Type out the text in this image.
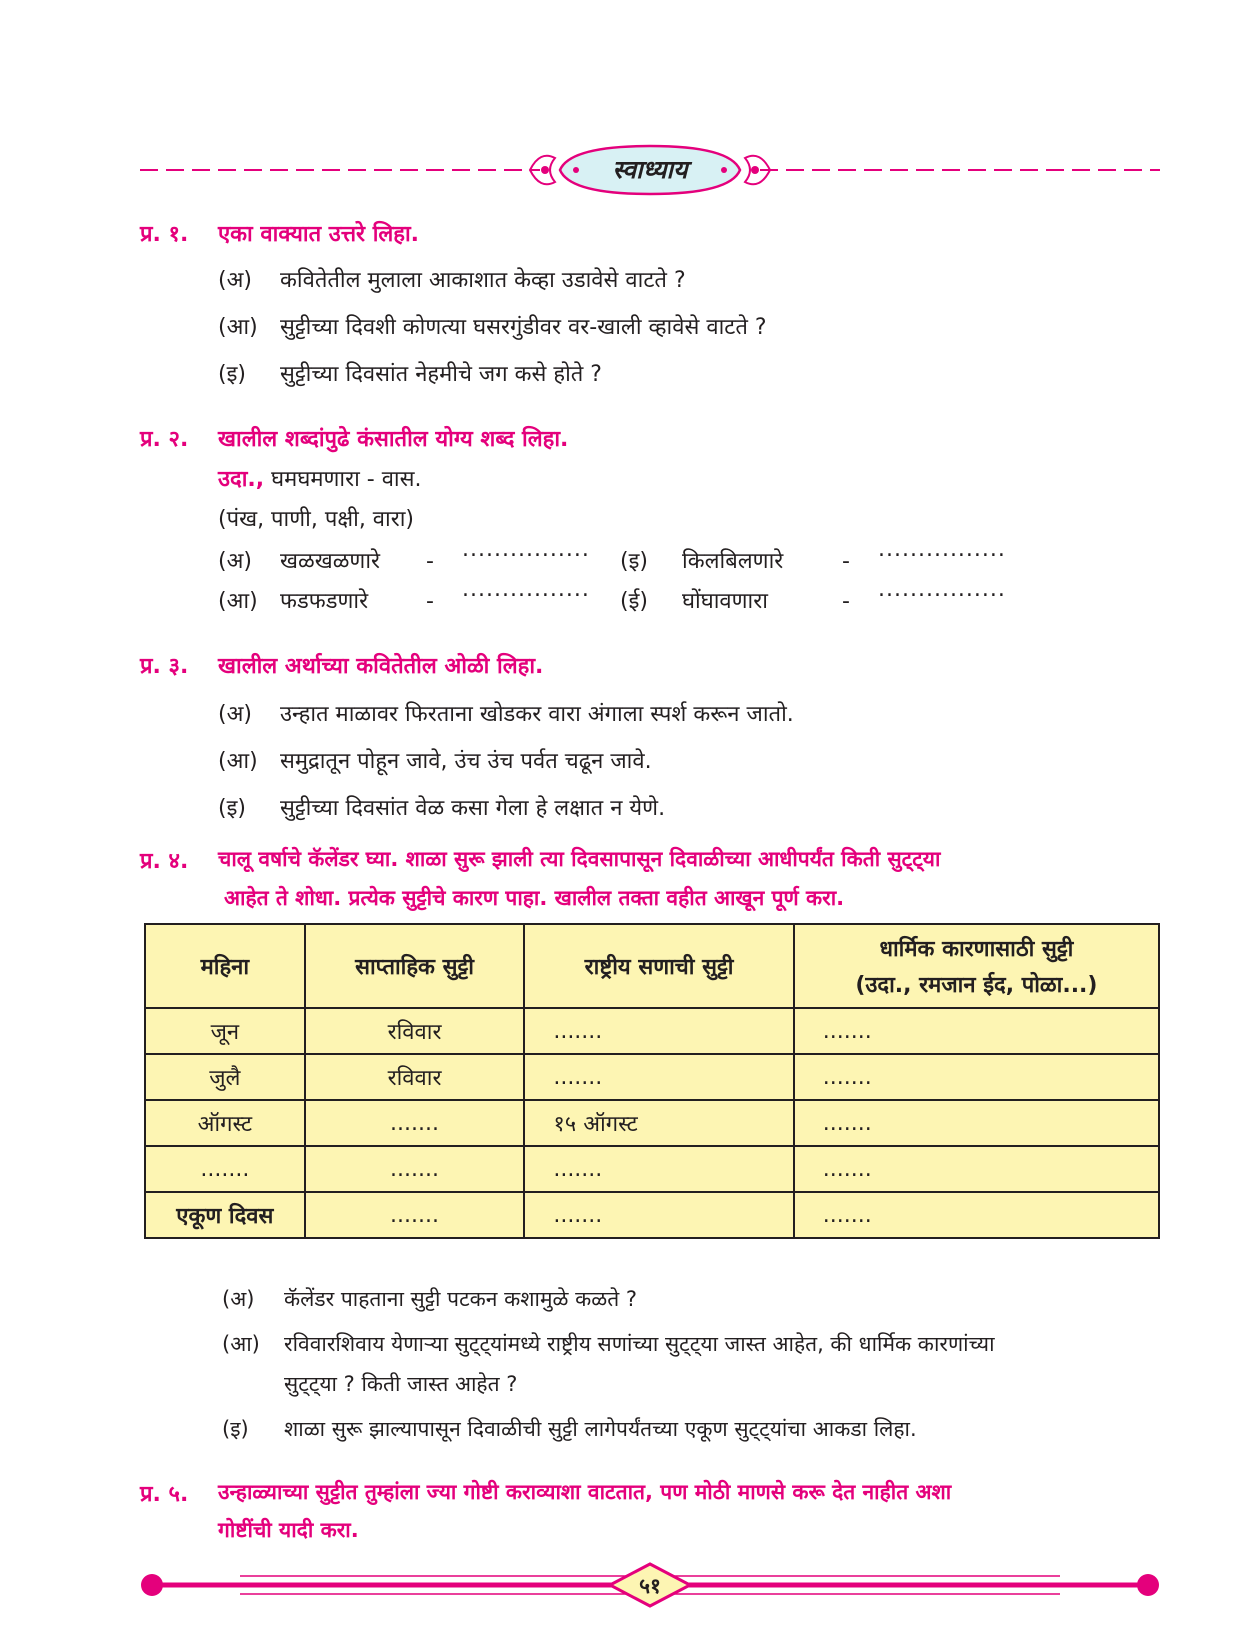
स्वाध्याय
प्र. १. एका वाक्यात उत्तरे लिहा.
(अ) कवितेतील मुलाला आकाशात केव्हा उडावेसे वाटते ?
(आ) सुट्टीच्या दिवशी कोणत्या घसरगुंडीवर वर-खाली व्हावेसे वाटते ?
(इ) सुट्टीच्या दिवसांत नेहमीचे जग कसे होते ?
प्र. २. खालील शब्दांपुढे कंसातील योग्य शब्द लिहा.
उदा., घमघमणारा - वास.
(पंख, पाणी, पक्षी, वारा)
(अ) खळखळणारे - ................
(आ) फडफडणारे	- ................
(इ) किलबिलणारे	- ................
(ई) घोंघावणारा	- ................
प्र. ३. खालील अर्थाच्या कवितेतील ओळी लिहा.
(अ) उन्हात माळावर फिरताना खोडकर वारा अंगाला स्पर्श करून जातो.
(आ) समुद्रातून पोहून जावे, उंच उंच पर्वत चढून जावे.
(इ) सुट्टीच्या दिवसांत वेळ कसा गेला हे लक्षात न येणे.
प्र. ४. चालू वर्षाचे कॅलेंडर घ्या. शाळा सुरू झाली त्या दिवसापासून दिवाळीच्या आधीपर्यंत किती सुट्ट्या
आहेत ते शोधा. प्रत्येक सुट्टीचे कारण पाहा. खालील तक्ता वहीत आखून पूर्ण करा.
महिना	साप्ताहिक सुट्टी	राष्ट्रीय सणाची सुट्टी	धार्मिक कारणासाठी सुट्टी
(उदा., रमजान ईद, पोळा...)

जून	रविवार	.......	.......
जुलै	रविवार	.......	.......
ऑगस्ट	.......	१५ ऑगस्ट	.......
.......	.......	.......	.......
एकूण दिवस	.......	.......	.......
(अ) कॅलेंडर पाहताना सुट्टी पटकन कशामुळे कळते ?
(आ) रविवारशिवाय येणाऱ्या सुट्ट्यांमध्ये राष्ट्रीय सणांच्या सुट्ट्या जास्त आहेत, की धार्मिक कारणांच्या
सुट्ट्या ? किती जास्त आहेत ?
(इ) शाळा सुरू झाल्यापासून दिवाळीची सुट्टी लागेपर्यंतच्या एकूण सुट्ट्यांचा आकडा लिहा.
प्र. ५. उन्हाळ्याच्या सुट्टीत तुम्हांला ज्या गोष्टी कराव्याशा वाटतात, पण मोठी माणसे करू देत नाहीत अशा
गोष्टींची यादी करा.
५१
